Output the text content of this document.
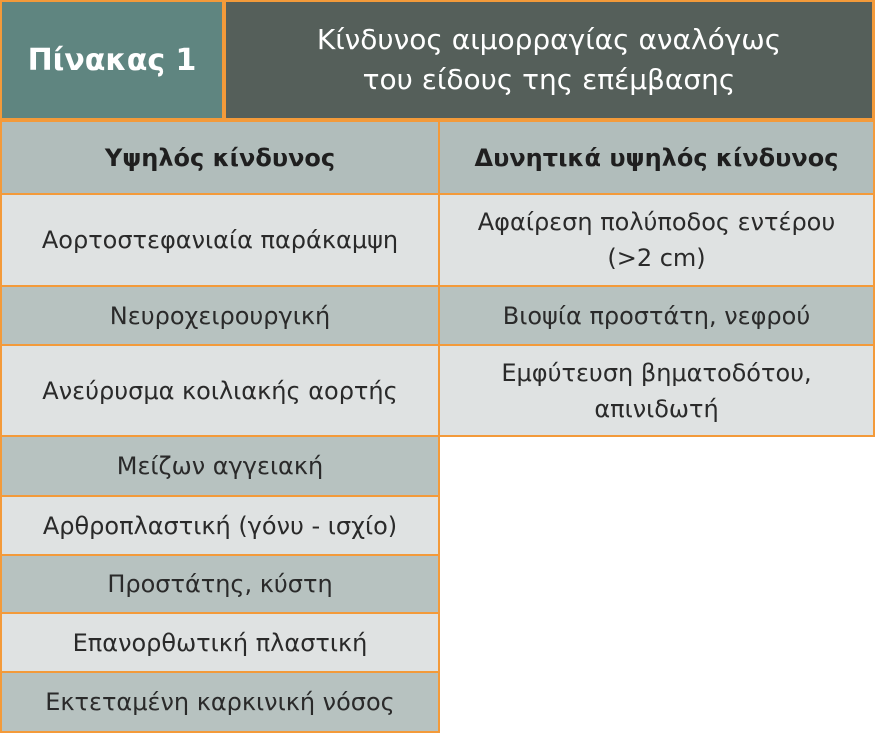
Πίνακας 1
Κίνδυνος αιμορραγίας αναλόγως
του είδους της επέμβασης
Υψηλός κίνδυνος	Δυνητικά υψηλός κίνδυνος
Αορτοστεφανιαία παράκαμψη
Νευροχειρουργική
Ανεύρυσμα κοιλιακής αορτής
Μείζων αγγειακή
Αρθροπλαστική (γόνυ - ισχίο)
Προστάτης, κύστη
Επανορθωτική πλαστική
Εκτεταμένη καρκινική νόσος
Αφαίρεση πολύποδος εντέρου
(>2 cm)
Βιοψία προστάτη, νεφρού
Εμφύτευση βηματοδότου,
απινιδωτή
